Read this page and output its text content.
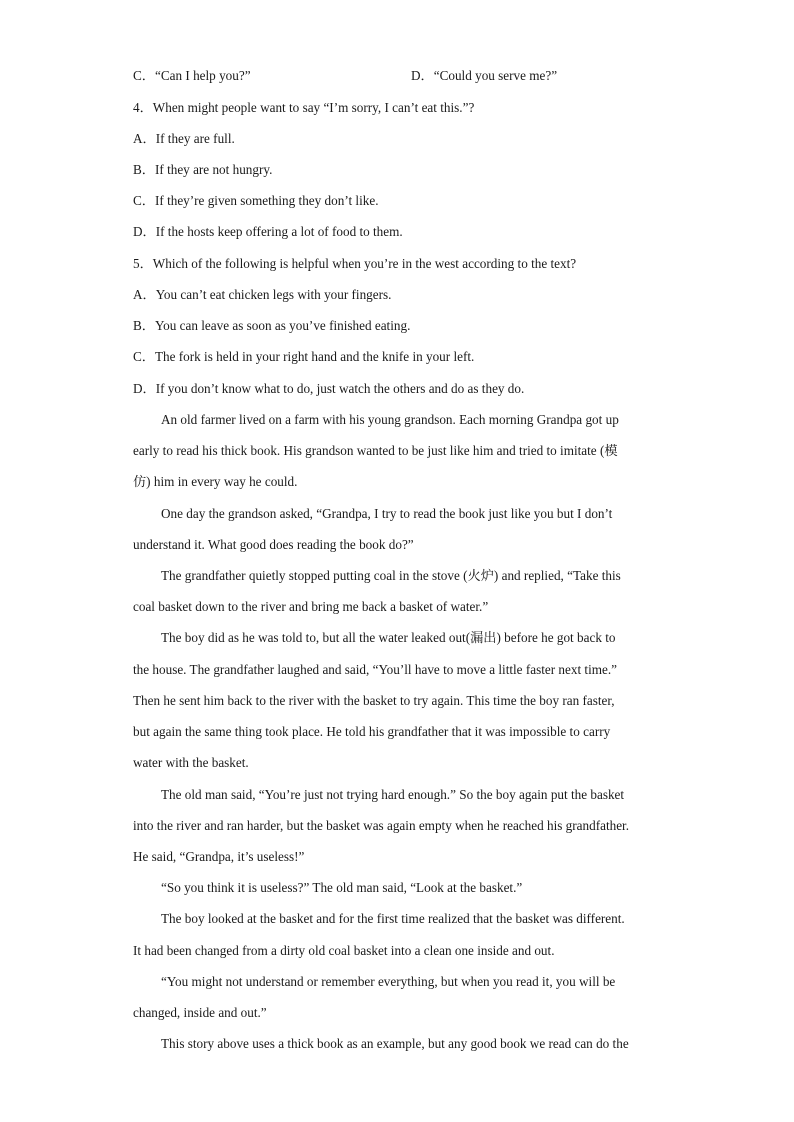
C．“Can I help you?”	D．“Could you serve me?”
4．When might people want to say “I’m sorry, I can’t eat this.”?
A．If they are full.
B．If they are not hungry.
C．If they’re given something they don’t like.
D．If the hosts keep offering a lot of food to them.
5．Which of the following is helpful when you’re in the west according to the text?
A．You can’t eat chicken legs with your fingers.
B．You can leave as soon as you’ve finished eating.
C．The fork is held in your right hand and the knife in your left.
D．If you don’t know what to do, just watch the others and do as they do.
An old farmer lived on a farm with his young grandson. Each morning Grandpa got up
early to read his thick book. His grandson wanted to be just like him and tried to imitate (模
仿) him in every way he could.
One day the grandson asked, “Grandpa, I try to read the book just like you but I don’t
understand it. What good does reading the book do?”
The grandfather quietly stopped putting coal in the stove (火炉) and replied, “Take this
coal basket down to the river and bring me back a basket of water.”
The boy did as he was told to, but all the water leaked out(漏出) before he got back to
the house. The grandfather laughed and said, “You’ll have to move a little faster next time.”
Then he sent him back to the river with the basket to try again. This time the boy ran faster,
but again the same thing took place. He told his grandfather that it was impossible to carry
water with the basket.
The old man said, “You’re just not trying hard enough.” So the boy again put the basket
into the river and ran harder, but the basket was again empty when he reached his grandfather.
He said, “Grandpa, it’s useless!”
“So you think it is useless?” The old man said, “Look at the basket.”
The boy looked at the basket and for the first time realized that the basket was different.
It had been changed from a dirty old coal basket into a clean one inside and out.
“You might not understand or remember everything, but when you read it, you will be
changed, inside and out.”
This story above uses a thick book as an example, but any good book we read can do the
